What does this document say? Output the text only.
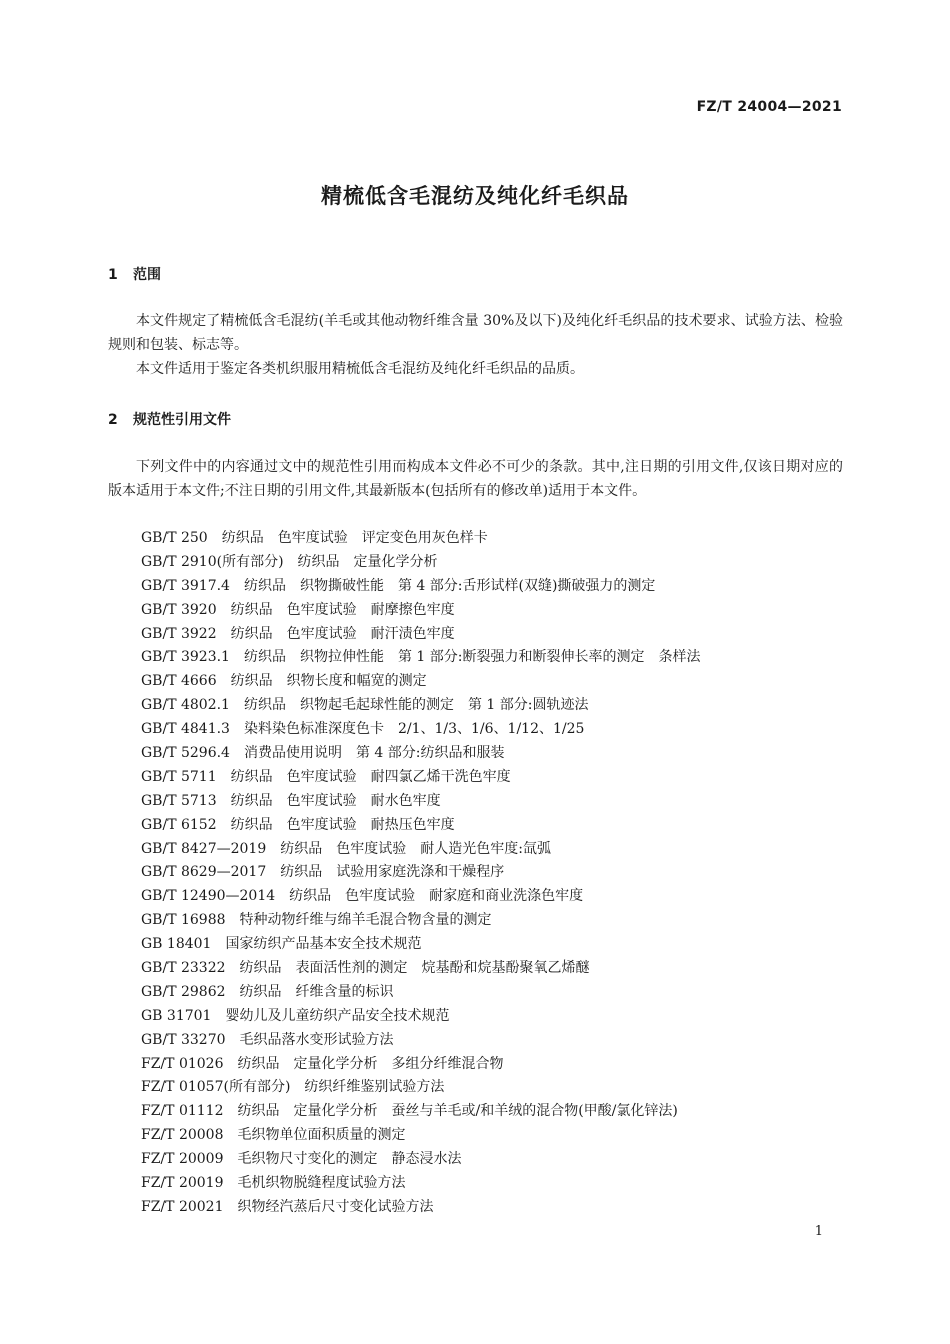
FZ/T 24004—2021
精梳低含毛混纺及纯化纤毛织品
1 范围
本文件规定了精梳低含毛混纺(羊毛或其他动物纤维含量 30%及以下)及纯化纤毛织品的技术要求、试验方法、检验规则和包装、标志等。
本文件适用于鉴定各类机织服用精梳低含毛混纺及纯化纤毛织品的品质。
2 规范性引用文件
下列文件中的内容通过文中的规范性引用而构成本文件必不可少的条款。其中,注日期的引用文件,仅该日期对应的版本适用于本文件;不注日期的引用文件,其最新版本(包括所有的修改单)适用于本文件。
GB/T 250　纺织品　色牢度试验　评定变色用灰色样卡
GB/T 2910(所有部分)　纺织品　定量化学分析
GB/T 3917.4　纺织品　织物撕破性能　第 4 部分:舌形试样(双缝)撕破强力的测定
GB/T 3920　纺织品　色牢度试验　耐摩擦色牢度
GB/T 3922　纺织品　色牢度试验　耐汗渍色牢度
GB/T 3923.1　纺织品　织物拉伸性能　第 1 部分:断裂强力和断裂伸长率的测定　条样法
GB/T 4666　纺织品　织物长度和幅宽的测定
GB/T 4802.1　纺织品　织物起毛起球性能的测定　第 1 部分:圆轨迹法
GB/T 4841.3　染料染色标准深度色卡　2/1、1/3、1/6、1/12、1/25
GB/T 5296.4　消费品使用说明　第 4 部分:纺织品和服装
GB/T 5711　纺织品　色牢度试验　耐四氯乙烯干洗色牢度
GB/T 5713　纺织品　色牢度试验　耐水色牢度
GB/T 6152　纺织品　色牢度试验　耐热压色牢度
GB/T 8427—2019　纺织品　色牢度试验　耐人造光色牢度:氙弧
GB/T 8629—2017　纺织品　试验用家庭洗涤和干燥程序
GB/T 12490—2014　纺织品　色牢度试验　耐家庭和商业洗涤色牢度
GB/T 16988　特种动物纤维与绵羊毛混合物含量的测定
GB 18401　国家纺织产品基本安全技术规范
GB/T 23322　纺织品　表面活性剂的测定　烷基酚和烷基酚聚氧乙烯醚
GB/T 29862　纺织品　纤维含量的标识
GB 31701　婴幼儿及儿童纺织产品安全技术规范
GB/T 33270　毛织品落水变形试验方法
FZ/T 01026　纺织品　定量化学分析　多组分纤维混合物
FZ/T 01057(所有部分)　纺织纤维鉴别试验方法
FZ/T 01112　纺织品　定量化学分析　蚕丝与羊毛或/和羊绒的混合物(甲酸/氯化锌法)
FZ/T 20008　毛织物单位面积质量的测定
FZ/T 20009　毛织物尺寸变化的测定　静态浸水法
FZ/T 20019　毛机织物脱缝程度试验方法
FZ/T 20021　织物经汽蒸后尺寸变化试验方法
1
